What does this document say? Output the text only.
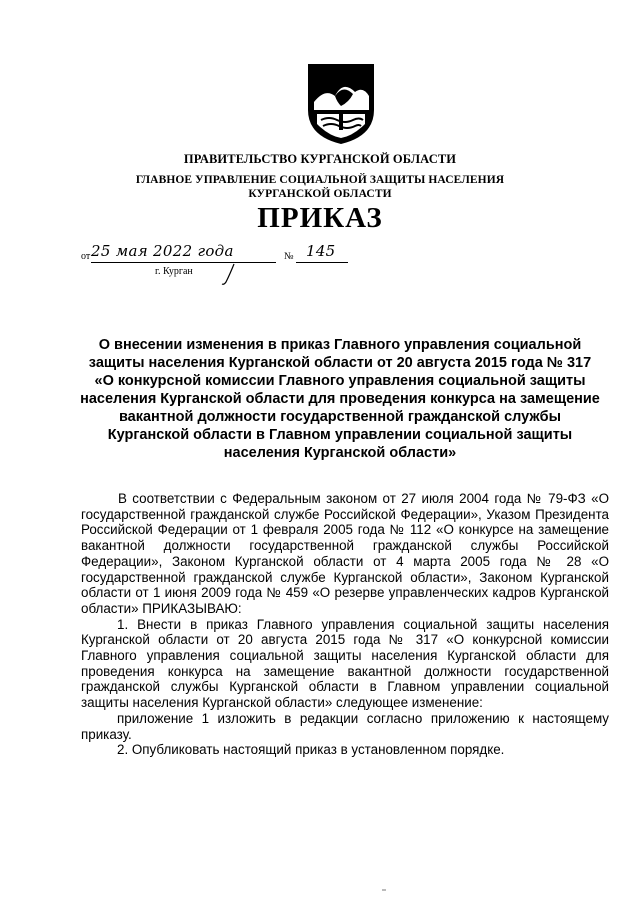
ПРАВИТЕЛЬСТВО КУРГАНСКОЙ ОБЛАСТИ
ГЛАВНОЕ УПРАВЛЕНИЕ СОЦИАЛЬНОЙ ЗАЩИТЫ НАСЕЛЕНИЯ
КУРГАНСКОЙ ОБЛАСТИ
ПРИКАЗ
от 25 мая 2022 года	№ 145
г. Курган
О внесении изменения в приказ Главного управления социальной защиты населения Курганской области от 20 августа 2015 года № 317 «О конкурсной комиссии Главного управления социальной защиты населения Курганской области для проведения конкурса на замещение вакантной должности государственной гражданской службы Курганской области в Главном управлении социальной защиты населения Курганской области»

В соответствии с Федеральным законом от 27 июля 2004 года № 79-ФЗ «О государственной гражданской службе Российской Федерации», Указом Президента Российской Федерации от 1 февраля 2005 года № 112 «О конкурсе на замещение вакантной должности государственной гражданской службы Российской Федерации», Законом Курганской области от 4 марта 2005 года № 28 «О государственной гражданской службе Курганской области», Законом Курганской области от 1 июня 2009 года № 459 «О резерве управленческих кадров Курганской области» ПРИКАЗЫВАЮ:

1. Внести в приказ Главного управления социальной защиты населения Курганской области от 20 августа 2015 года № 317 «О конкурсной комиссии Главного управления социальной защиты населения Курганской области для проведения конкурса на замещение вакантной должности государственной гражданской службы Курганской области в Главном управлении социальной защиты населения Курганской области» следующее изменение:

приложение 1 изложить в редакции согласно приложению к настоящему приказу.

2. Опубликовать настоящий приказ в установленном порядке.
